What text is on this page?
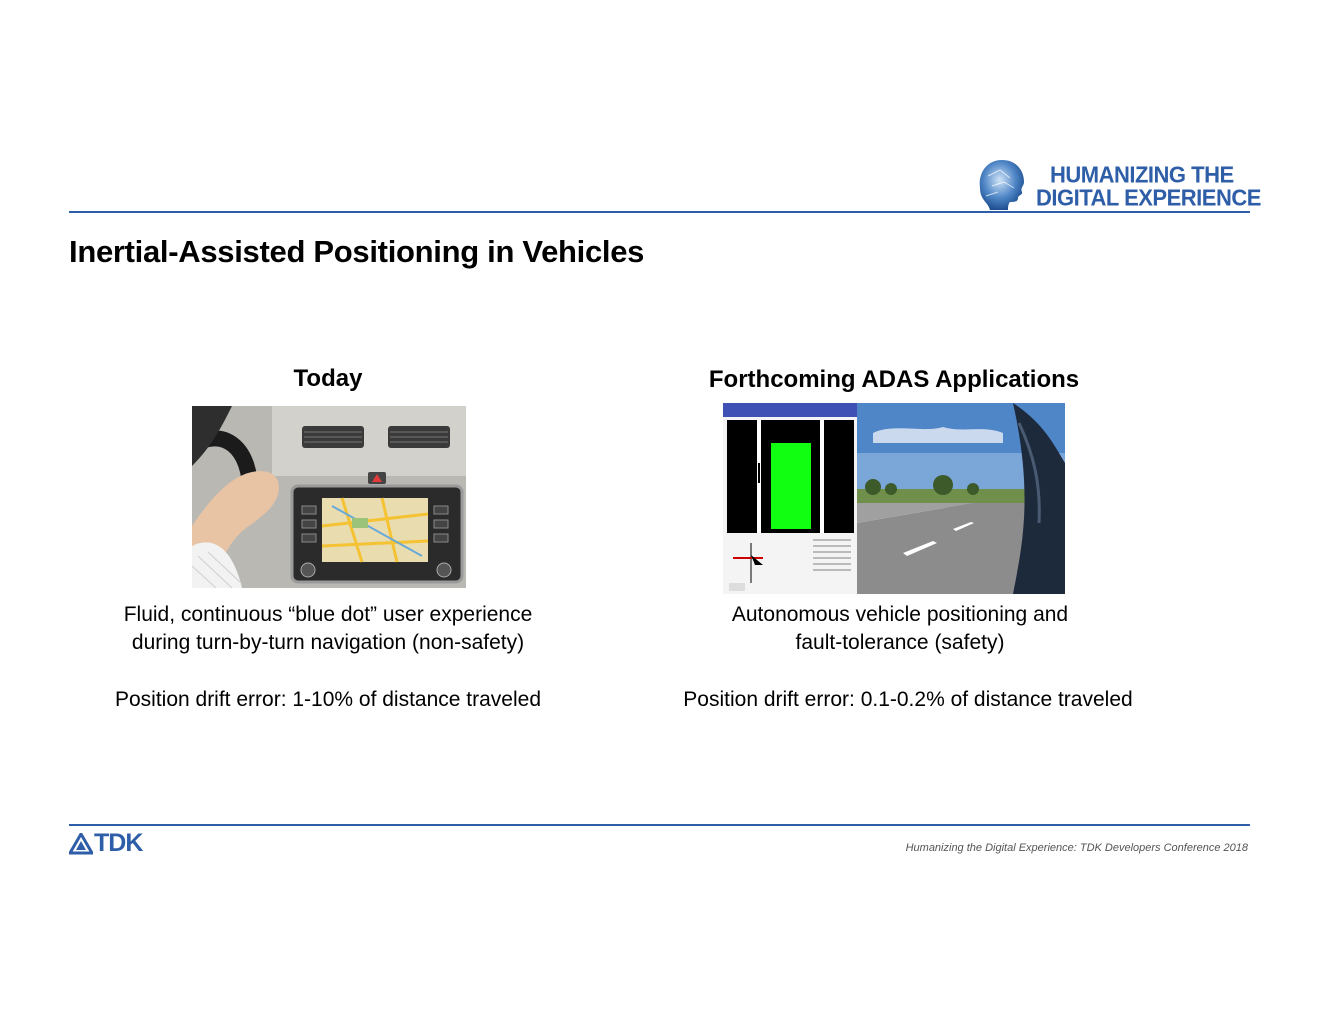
HUMANIZING THE
DIGITAL EXPERIENCE
Inertial-Assisted Positioning in Vehicles
Today
Fluid, continuous “blue dot” user experience
during turn-by-turn navigation (non-safety)
Position drift error: 1-10% of distance traveled
Forthcoming ADAS Applications
Autonomous vehicle positioning and
fault-tolerance (safety)
Position drift error: 0.1-0.2% of distance traveled
TDK	Humanizing the Digital Experience: TDK Developers Conference 2018
